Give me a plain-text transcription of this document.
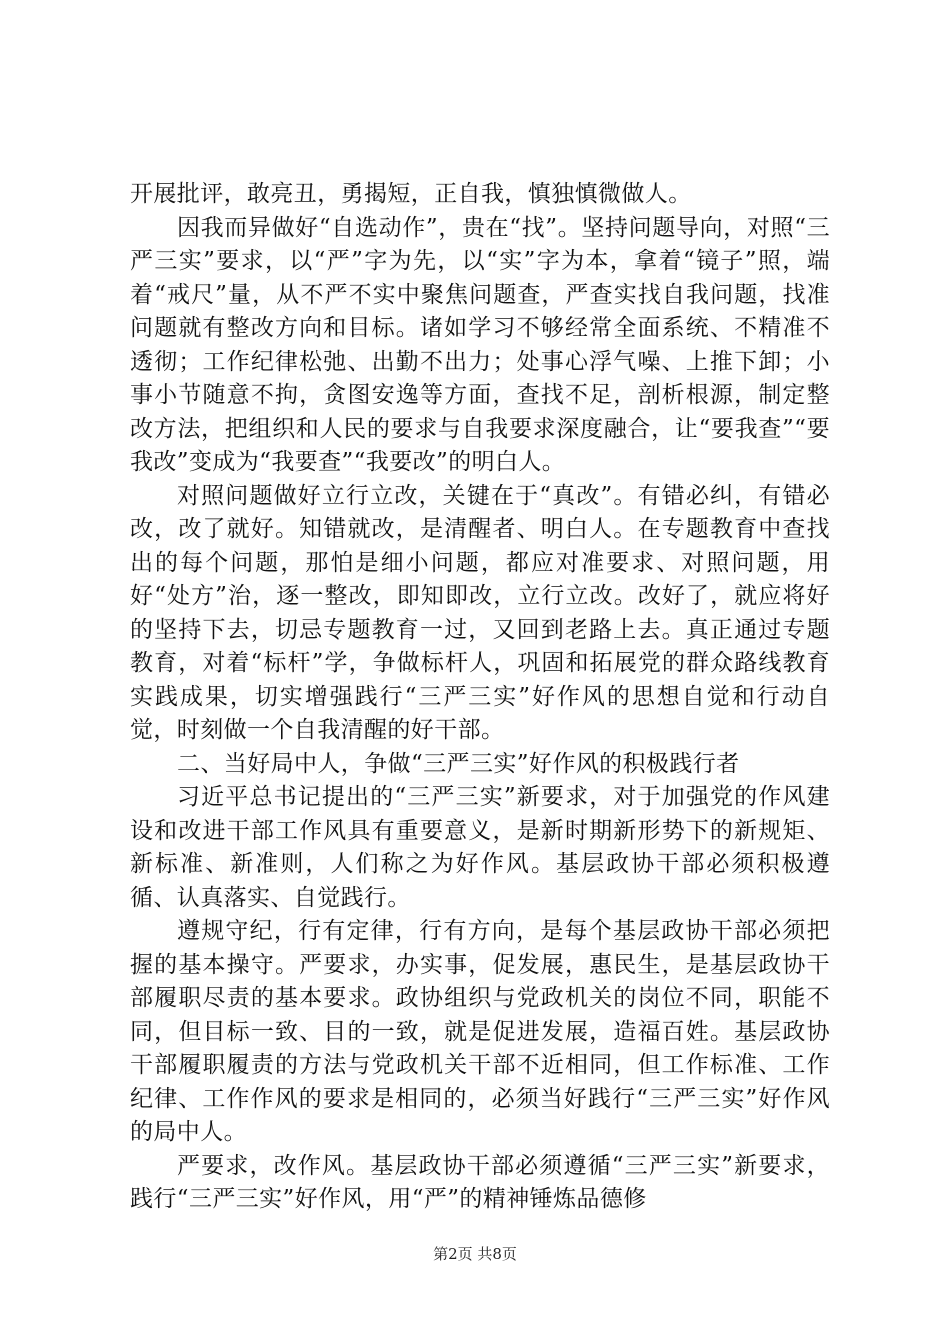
开展批评，敢亮丑，勇揭短，正自我，慎独慎微做人。

因我而异做好“自选动作”，贵在“找”。坚持问题导向，对照“三严三实”要求，以“严”字为先，以“实”字为本，拿着“镜子”照，端着“戒尺”量，从不严不实中聚焦问题查，严查实找自我问题，找准问题就有整改方向和目标。诸如学习不够经常全面系统、不精准不透彻；工作纪律松弛、出勤不出力；处事心浮气噪、上推下卸；小事小节随意不拘，贪图安逸等方面，查找不足，剖析根源，制定整改方法，把组织和人民的要求与自我要求深度融合，让“要我查”“要我改”变成为“我要查”“我要改”的明白人。

对照问题做好立行立改，关键在于“真改”。有错必纠，有错必改，改了就好。知错就改，是清醒者、明白人。在专题教育中查找出的每个问题，那怕是细小问题，都应对准要求、对照问题，用好“处方”治，逐一整改，即知即改，立行立改。改好了，就应将好的坚持下去，切忌专题教育一过，又回到老路上去。真正通过专题教育，对着“标杆”学，争做标杆人，巩固和拓展党的群众路线教育实践成果，切实增强践行“三严三实”好作风的思想自觉和行动自觉，时刻做一个自我清醒的好干部。

二、当好局中人，争做“三严三实”好作风的积极践行者

习近平总书记提出的“三严三实”新要求，对于加强党的作风建设和改进干部工作风具有重要意义，是新时期新形势下的新规矩、新标准、新准则，人们称之为好作风。基层政协干部必须积极遵循、认真落实、自觉践行。

遵规守纪，行有定律，行有方向，是每个基层政协干部必须把握的基本操守。严要求，办实事，促发展，惠民生，是基层政协干部履职尽责的基本要求。政协组织与党政机关的岗位不同，职能不同，但目标一致、目的一致，就是促进发展，造福百姓。基层政协干部履职履责的方法与党政机关干部不近相同，但工作标准、工作纪律、工作作风的要求是相同的，必须当好践行“三严三实”好作风的局中人。

严要求，改作风。基层政协干部必须遵循“三严三实”新要求，践行“三严三实”好作风，用“严”的精神锤炼品德修

第2页 共8页
